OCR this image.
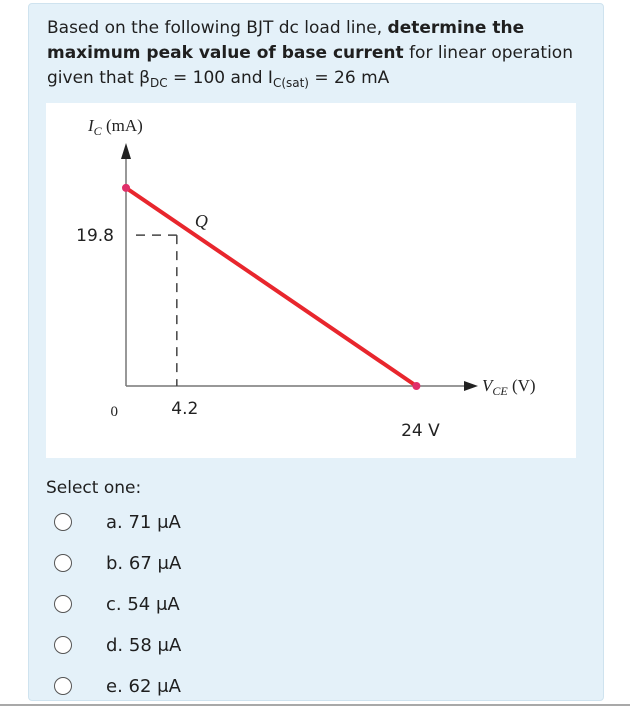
Based on the following BJT dc load line, determine the maximum peak value of base current for linear operation given that $\beta_{DC} = 100$ and $I_{C(sat)} = 26$ mA
$I_C$ (mA)
$V_{CE}$ (V)
Q
19.8
0	4.2
24 V
Select one:
a. 71 μA
b. 67 μA
c. 54 μA
d. 58 μA
e. 62 μA
